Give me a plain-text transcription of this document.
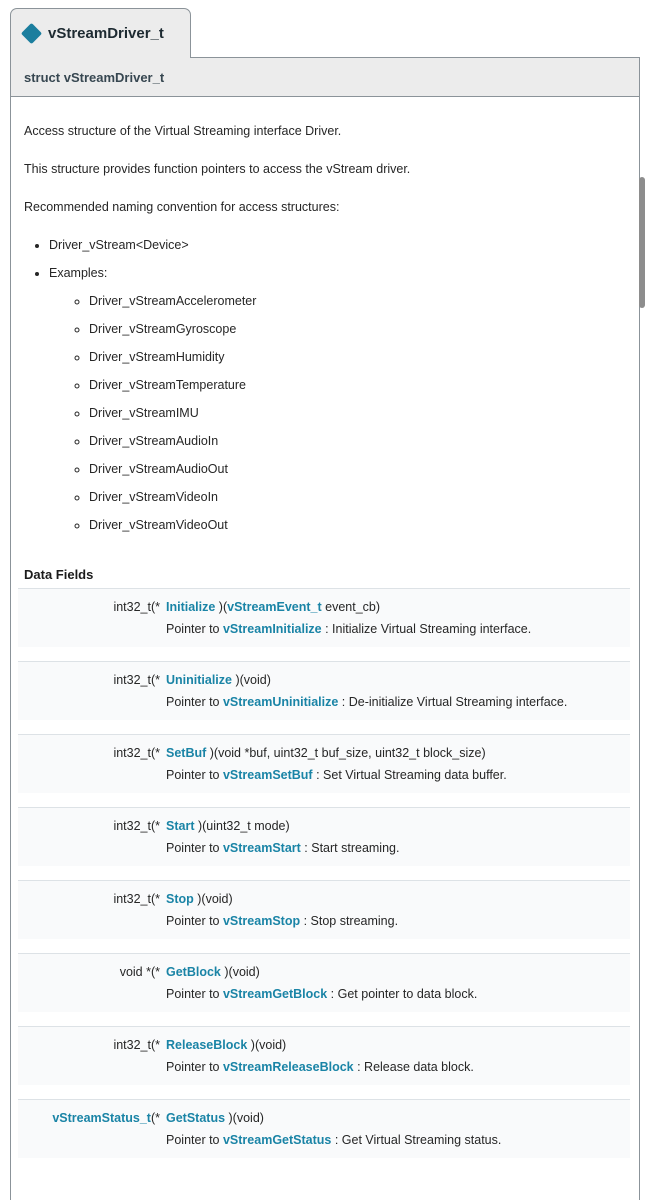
vStreamDriver_t
struct vStreamDriver_t

Access structure of the Virtual Streaming interface Driver.

This structure provides function pointers to access the vStream driver.

Recommended naming convention for access structures:

• Driver_vStream<Device>
• Examples:
◦ Driver_vStreamAccelerometer
◦ Driver_vStreamGyroscope
◦ Driver_vStreamHumidity
◦ Driver_vStreamTemperature
◦ Driver_vStreamIMU
◦ Driver_vStreamAudioIn
◦ Driver_vStreamAudioOut
◦ Driver_vStreamVideoIn
◦ Driver_vStreamVideoOut
Data Fields
int32_t(* Initialize )(vStreamEvent_t event_cb)
Pointer to vStreamInitialize : Initialize Virtual Streaming interface.
int32_t(* Uninitialize )(void)
Pointer to vStreamUninitialize : De-initialize Virtual Streaming interface.
int32_t(* SetBuf )(void *buf, uint32_t buf_size, uint32_t block_size)
Pointer to vStreamSetBuf : Set Virtual Streaming data buffer.
int32_t(* Start )(uint32_t mode)
Pointer to vStreamStart : Start streaming.
int32_t(* Stop )(void)
Pointer to vStreamStop : Stop streaming.
void *(* GetBlock )(void)
Pointer to vStreamGetBlock : Get pointer to data block.
int32_t(* ReleaseBlock )(void)
Pointer to vStreamReleaseBlock : Release data block.
vStreamStatus_t(* GetStatus )(void)
Pointer to vStreamGetStatus : Get Virtual Streaming status.
